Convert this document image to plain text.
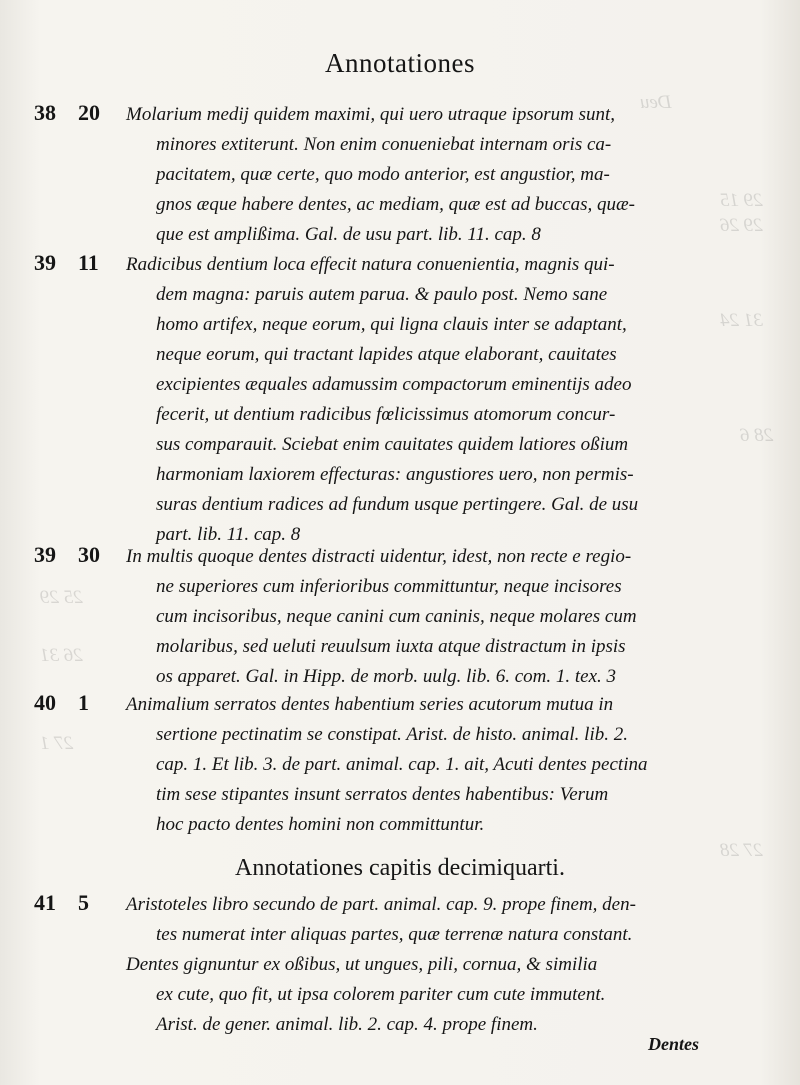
Deu
29 15
29 26
31 24
28 6
25 29
26 31
27 1
27 28
Annotationes
38 20	Molarium medij quidem maximi, qui uero utraque ipsorum sunt,
minores extiterunt. Non enim conueniebat internam oris ca-
pacitatem, quæ certe, quo modo anterior, est angustior, ma-
gnos æque habere dentes, ac mediam, quæ est ad buccas, quæ-
que est amplißima. Gal. de usu part. lib. 11. cap. 8
39 11	Radicibus dentium loca effecit natura conuenientia, magnis qui-
dem magna: paruis autem parua. & paulo post. Nemo sane
homo artifex, neque eorum, qui ligna clauis inter se adaptant,
neque eorum, qui tractant lapides atque elaborant, cauitates
excipientes æquales adamussim compactorum eminentijs adeo
fecerit, ut dentium radicibus fœlicissimus atomorum concur-
sus comparauit. Sciebat enim cauitates quidem latiores oßium
harmoniam laxiorem effecturas: angustiores uero, non permis-
suras dentium radices ad fundum usque pertingere. Gal. de usu
part. lib. 11. cap. 8
39 30	In multis quoque dentes distracti uidentur, idest, non recte e regio-
ne superiores cum inferioribus committuntur, neque incisores
cum incisoribus, neque canini cum caninis, neque molares cum
molaribus, sed ueluti reuulsum iuxta atque distractum in ipsis
os apparet. Gal. in Hipp. de morb. uulg. lib. 6. com. 1. tex. 3
40 1	Animalium serratos dentes habentium series acutorum mutua in
sertione pectinatim se constipat. Arist. de histo. animal. lib. 2.
cap. 1. Et lib. 3. de part. animal. cap. 1. ait, Acuti dentes pectina
tim sese stipantes insunt serratos dentes habentibus: Verum
hoc pacto dentes homini non committuntur.
Annotationes capitis decimiquarti.
41 5	Aristoteles libro secundo de part. animal. cap. 9. prope finem, den-
tes numerat inter aliquas partes, quæ terrenæ natura constant.
Dentes gignuntur ex oßibus, ut ungues, pili, cornua, & similia
ex cute, quo fit, ut ipsa colorem pariter cum cute immutent.
Arist. de gener. animal. lib. 2. cap. 4. prope finem.
Dentes
